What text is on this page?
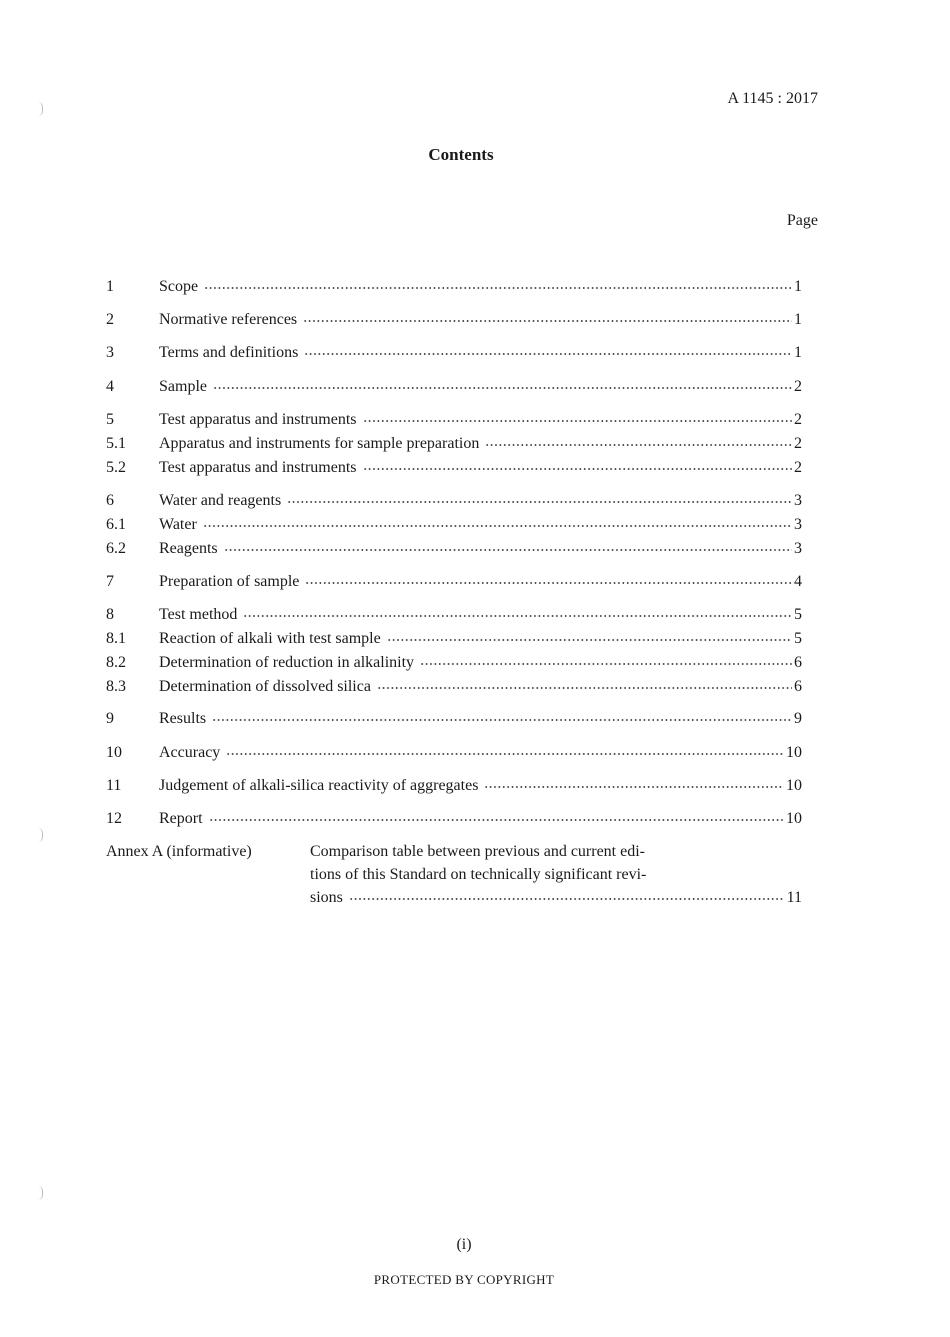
A 1145 : 2017
Contents
Page
1	Scope	1
2	Normative references	1
3	Terms and definitions	1
4	Sample	2
5	Test apparatus and instruments	2
5.1	Apparatus and instruments for sample preparation	2
5.2	Test apparatus and instruments	2
6	Water and reagents	3
6.1	Water	3
6.2	Reagents	3
7	Preparation of sample	4
8	Test method	5
8.1	Reaction of alkali with test sample	5
8.2	Determination of reduction in alkalinity	6
8.3	Determination of dissolved silica	6
9	Results	9
10	Accuracy	10
11	Judgement of alkali-silica reactivity of aggregates	10
12	Report	10
Annex A (informative)	Comparison table between previous and current edi-
tions of this Standard on technically significant revi-
sions	11
(i)
PROTECTED BY COPYRIGHT
